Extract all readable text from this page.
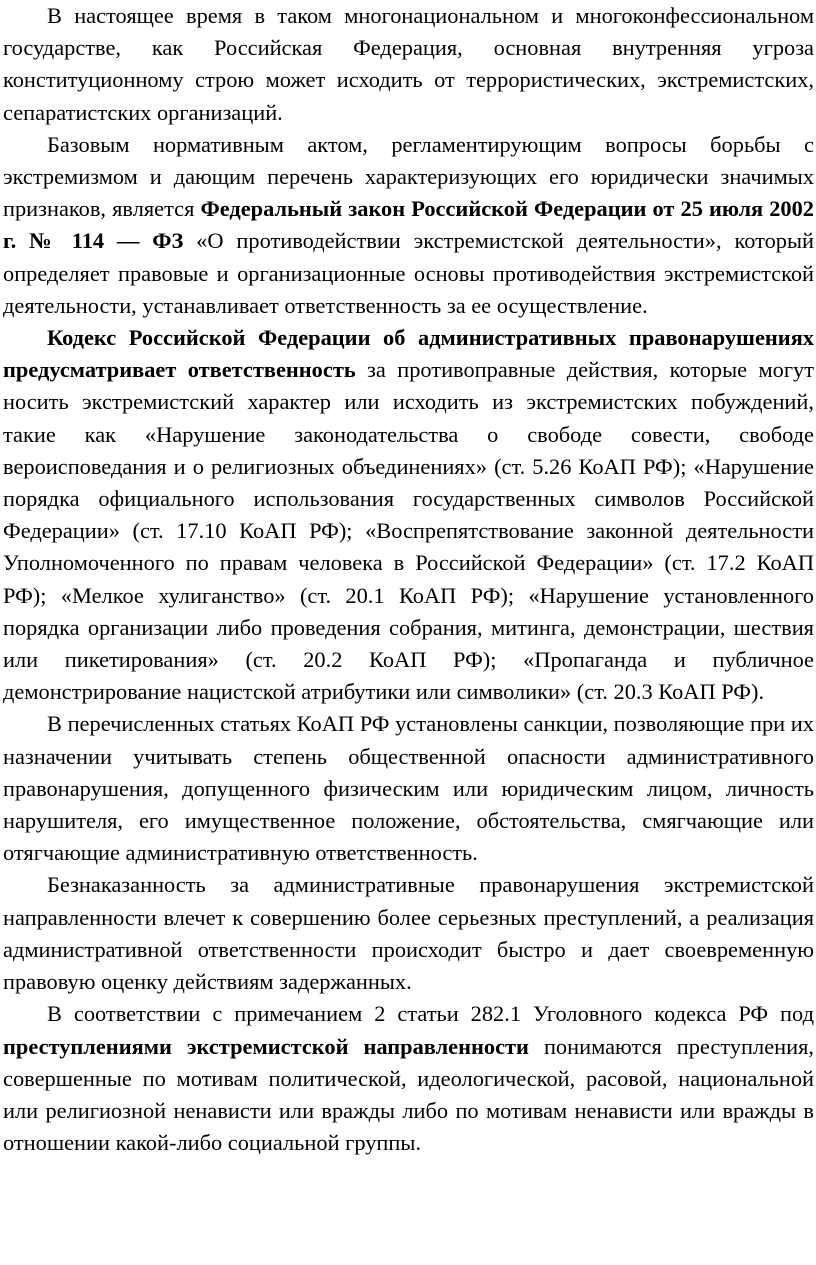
В настоящее время в таком многонациональном и многоконфессиональном государстве, как Российская Федерация, основная внутренняя угроза конституционному строю может исходить от террористических, экстремистских, сепаратистских организаций.

Базовым нормативным актом, регламентирующим вопросы борьбы с экстремизмом и дающим перечень характеризующих его юридически значимых признаков, является Федеральный закон Российской Федерации от 25 июля 2002 г. № 114 — ФЗ «О противодействии экстремистской деятельности», который определяет правовые и организационные основы противодействия экстремистской деятельности, устанавливает ответственность за ее осуществление.

Кодекс Российской Федерации об административных правонарушениях предусматривает ответственность за противоправные действия, которые могут носить экстремистский характер или исходить из экстремистских побуждений, такие как «Нарушение законодательства о свободе совести, свободе вероисповедания и о религиозных объединениях» (ст. 5.26 КоАП РФ); «Нарушение порядка официального использования государственных символов Российской Федерации» (ст. 17.10 КоАП РФ); «Воспрепятствование законной деятельности Уполномоченного по правам человека в Российской Федерации» (ст. 17.2 КоАП РФ); «Мелкое хулиганство» (ст. 20.1 КоАП РФ); «Нарушение установленного порядка организации либо проведения собрания, митинга, демонстрации, шествия или пикетирования» (ст. 20.2 КоАП РФ); «Пропаганда и публичное демонстрирование нацистской атрибутики или символики» (ст. 20.3 КоАП РФ).

В перечисленных статьях КоАП РФ установлены санкции, позволяющие при их назначении учитывать степень общественной опасности административного правонарушения, допущенного физическим или юридическим лицом, личность нарушителя, его имущественное положение, обстоятельства, смягчающие или отягчающие административную ответственность.

Безнаказанность за административные правонарушения экстремистской направленности влечет к совершению более серьезных преступлений, а реализация административной ответственности происходит быстро и дает своевременную правовую оценку действиям задержанных.

В соответствии с примечанием 2 статьи 282.1 Уголовного кодекса РФ под преступлениями экстремистской направленности понимаются преступления, совершенные по мотивам политической, идеологической, расовой, национальной или религиозной ненависти или вражды либо по мотивам ненависти или вражды в отношении какой-либо социальной группы.
